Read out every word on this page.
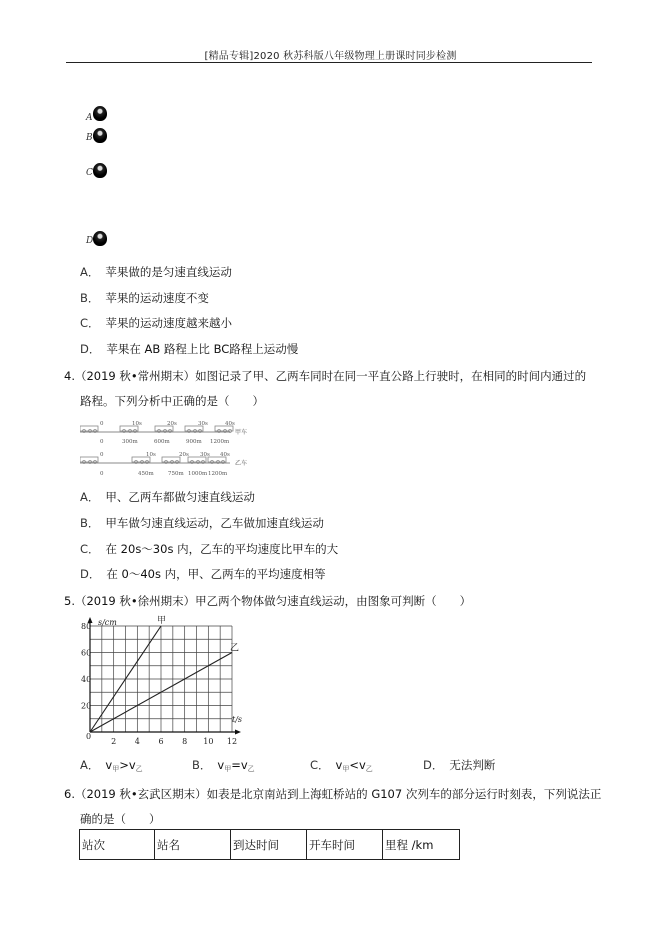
[精品专辑]2020 秋苏科版八年级物理上册课时同步检测
A
B
C
D
A． 苹果做的是匀速直线运动
B． 苹果的运动速度不变
C． 苹果的运动速度越来越小
D． 苹果在 AB 路程上比 BC路程上运动慢
4.（2019 秋•常州期末）如图记录了甲、乙两车同时在同一平直公路上行驶时，在相同的时间内通过的
路程。下列分析中正确的是（　　）
0	10s	20s	30s	40s
0	300m	600m	900m 1200m
甲车
0	10s	20s 30s 40s
0	450m	750m 1000m 1200m
乙车
A． 甲、乙两车都做匀速直线运动
B． 甲车做匀速直线运动，乙车做加速直线运动
C． 在 20s～30s 内，乙车的平均速度比甲车的大
D． 在 0～40s 内，甲、乙两车的平均速度相等
5.（2019 秋•徐州期末）甲乙两个物体做匀速直线运动，由图象可判断（　　）
s/cm
t/s
0
20
40
60
80
2 4 6 8 10 12
甲
乙
A． $v_甲>v_乙$	B． $v_甲=v_乙$	C． $v_甲<v_乙$	D． 无法判断
6.（2019 秋•玄武区期末）如表是北京南站到上海虹桥站的 G107 次列车的部分运行时刻表，下列说法正
确的是（　　）
站次	站名	到达时间	开车时间	里程 /km
